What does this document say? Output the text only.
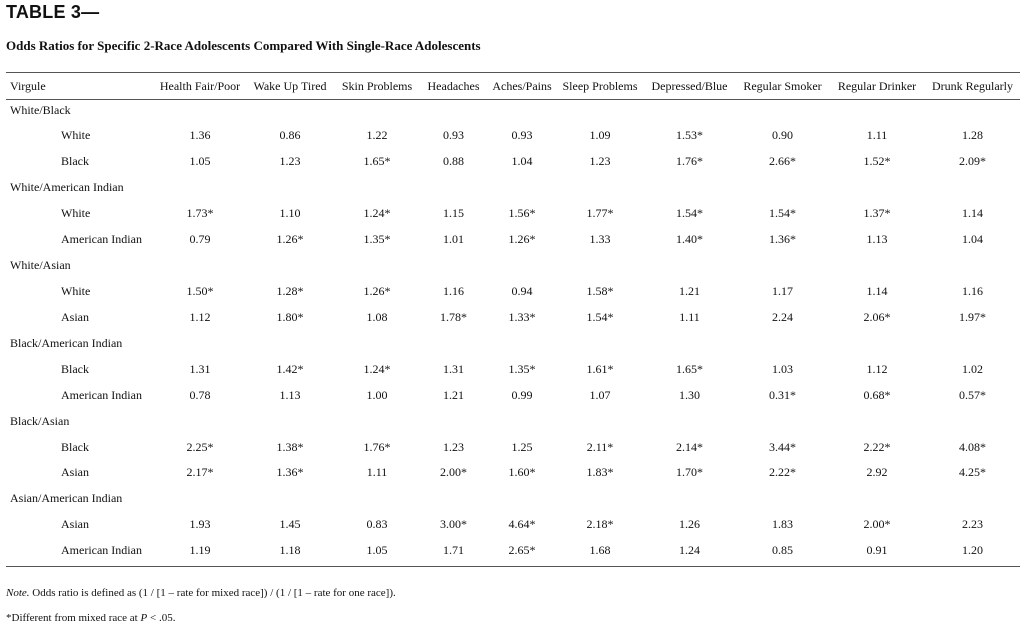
TABLE 3—
Odds Ratios for Specific 2-Race Adolescents Compared With Single-Race Adolescents
Virgule	Health Fair/Poor	Wake Up Tired	Skin Problems	Headaches	Aches/Pains	Sleep Problems	Depressed/Blue	Regular Smoker	Regular Drinker	Drunk Regularly
White/Black										
White	1.36	0.86	1.22	0.93	0.93	1.09	1.53*	0.90	1.11	1.28
Black	1.05	1.23	1.65*	0.88	1.04	1.23	1.76*	2.66*	1.52*	2.09*
White/American Indian										
White	1.73*	1.10	1.24*	1.15	1.56*	1.77*	1.54*	1.54*	1.37*	1.14
American Indian	0.79	1.26*	1.35*	1.01	1.26*	1.33	1.40*	1.36*	1.13	1.04
White/Asian										
White	1.50*	1.28*	1.26*	1.16	0.94	1.58*	1.21	1.17	1.14	1.16
Asian	1.12	1.80*	1.08	1.78*	1.33*	1.54*	1.11	2.24	2.06*	1.97*
Black/American Indian										
Black	1.31	1.42*	1.24*	1.31	1.35*	1.61*	1.65*	1.03	1.12	1.02
American Indian	0.78	1.13	1.00	1.21	0.99	1.07	1.30	0.31*	0.68*	0.57*
Black/Asian										
Black	2.25*	1.38*	1.76*	1.23	1.25	2.11*	2.14*	3.44*	2.22*	4.08*
Asian	2.17*	1.36*	1.11	2.00*	1.60*	1.83*	1.70*	2.22*	2.92	4.25*
Asian/American Indian										
Asian	1.93	1.45	0.83	3.00*	4.64*	2.18*	1.26	1.83	2.00*	2.23
American Indian	1.19	1.18	1.05	1.71	2.65*	1.68	1.24	0.85	0.91	1.20
Note. Odds ratio is defined as (1 / [1 – rate for mixed race]) / (1 / [1 – rate for one race]).
*Different from mixed race at P < .05.
